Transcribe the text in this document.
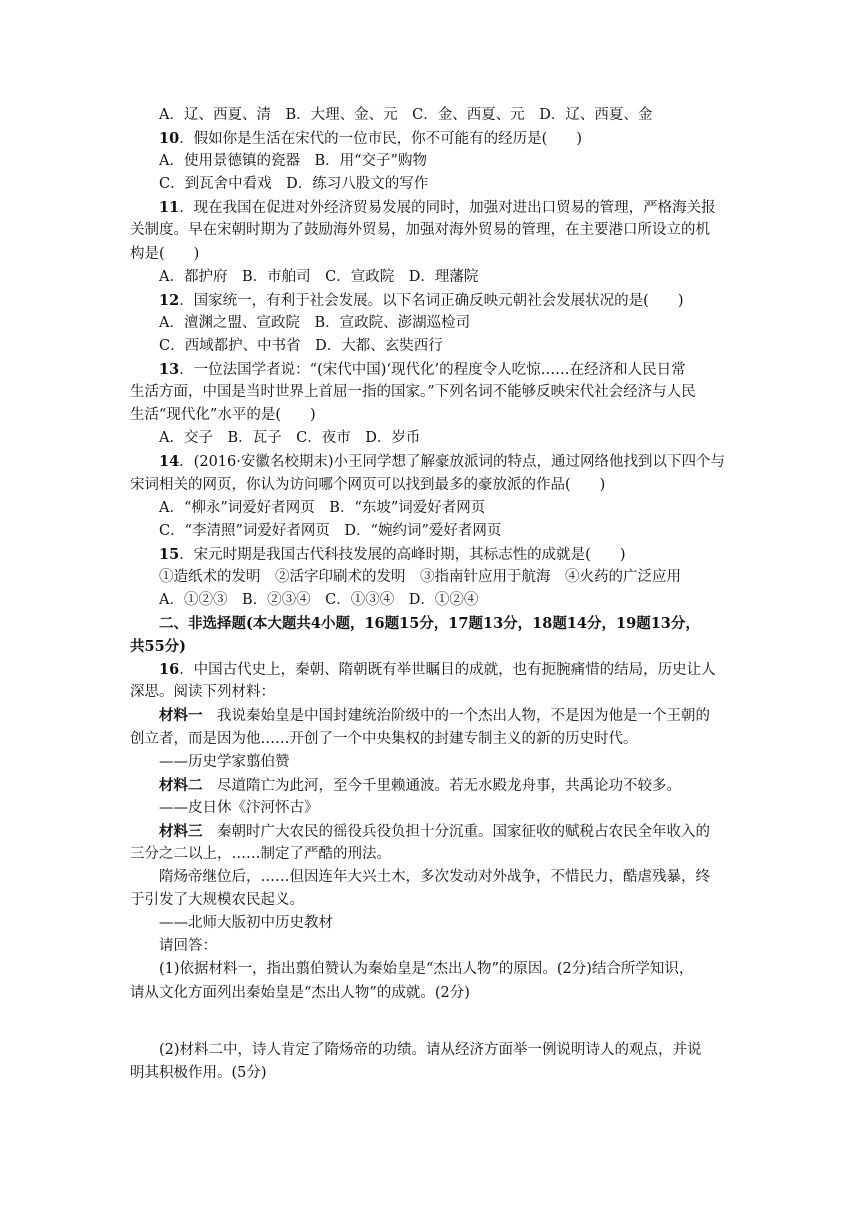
A．辽、西夏、清　B．大理、金、元　C．金、西夏、元　D．辽、西夏、金
10．假如你是生活在宋代的一位市民，你不可能有的经历是(　　)
A．使用景德镇的瓷器　B．用“交子”购物
C．到瓦舍中看戏　D．练习八股文的写作
11．现在我国在促进对外经济贸易发展的同时，加强对进出口贸易的管理，严格海关报
关制度。早在宋朝时期为了鼓励海外贸易，加强对海外贸易的管理，在主要港口所设立的机
构是(　　)
A．都护府　B．市舶司　C．宣政院　D．理藩院
12．国家统一，有利于社会发展。以下名词正确反映元朝社会发展状况的是(　　)
A．澶渊之盟、宣政院　B．宣政院、澎湖巡检司
C．西域都护、中书省　D．大都、玄奘西行
13．一位法国学者说：“(宋代中国)‘现代化’的程度令人吃惊……在经济和人民日常
生活方面，中国是当时世界上首屈一指的国家。”下列名词不能够反映宋代社会经济与人民
生活“现代化”水平的是(　　)
A．交子　B．瓦子　C．夜市　D．岁币
14．(2016·安徽名校期末)小王同学想了解豪放派词的特点，通过网络他找到以下四个与
宋词相关的网页，你认为访问哪个网页可以找到最多的豪放派的作品(　　)
A．“柳永”词爱好者网页　B．“东坡”词爱好者网页
C．“李清照”词爱好者网页　D．“婉约词”爱好者网页
15．宋元时期是我国古代科技发展的高峰时期，其标志性的成就是(　　)
①造纸术的发明　②活字印刷术的发明　③指南针应用于航海　④火药的广泛应用
A．①②③　B．②③④　C．①③④　D．①②④
二、非选择题(本大题共4小题，16题15分，17题13分，18题14分，19题13分，
共55分)
16．中国古代史上，秦朝、隋朝既有举世瞩目的成就，也有扼腕痛惜的结局，历史让人
深思。阅读下列材料：
材料一　我说秦始皇是中国封建统治阶级中的一个杰出人物，不是因为他是一个王朝的
创立者，而是因为他……开创了一个中央集权的封建专制主义的新的历史时代。
——历史学家翦伯赞
材料二　尽道隋亡为此河，至今千里赖通波。若无水殿龙舟事，共禹论功不较多。
——皮日休《汴河怀古》
材料三　秦朝时广大农民的徭役兵役负担十分沉重。国家征收的赋税占农民全年收入的
三分之二以上，……制定了严酷的刑法。
隋炀帝继位后，……但因连年大兴土木，多次发动对外战争，不惜民力，酷虐残暴，终
于引发了大规模农民起义。
——北师大版初中历史教材
请回答：
(1)依据材料一，指出翦伯赞认为秦始皇是“杰出人物”的原因。(2分)结合所学知识，
请从文化方面列出秦始皇是“杰出人物”的成就。(2分)
(2)材料二中，诗人肯定了隋炀帝的功绩。请从经济方面举一例说明诗人的观点，并说
明其积极作用。(5分)
